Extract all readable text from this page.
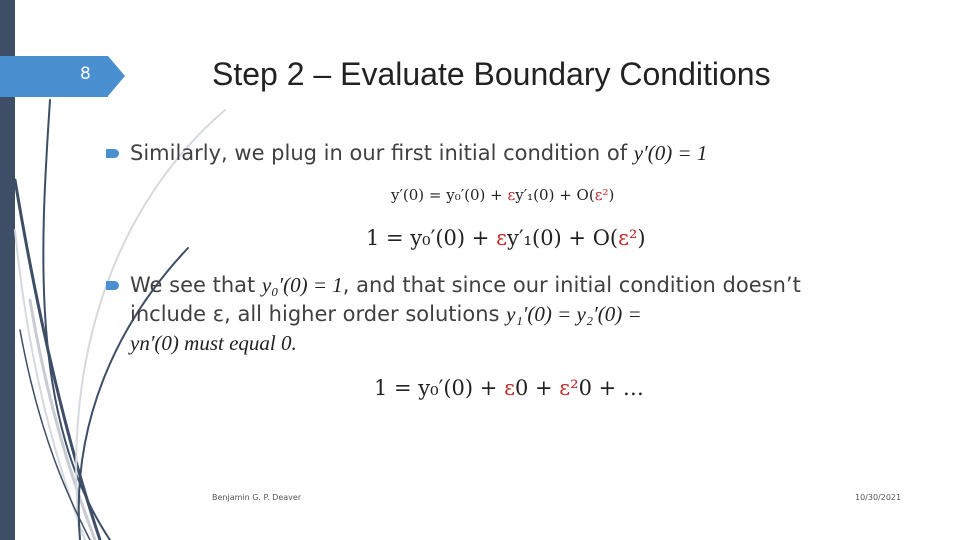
8	Step 2 – Evaluate Boundary Conditions
Similarly, we plug in our first initial condition of y′(0) = 1
y′(0) = y₀′(0) + εy′₁(0) + O(ε²)
1 = y₀′(0) + εy′₁(0) + O(ε²)
We see that y₀′(0) = 1, and that since our initial condition doesn’t
include ε, all higher order solutions y₁′(0) = y₂′(0) =
yn′(0) must equal 0.
1 = y₀′(0) + ε0 + ε²0 + …
Benjamin G. P. Deaver	10/30/2021
